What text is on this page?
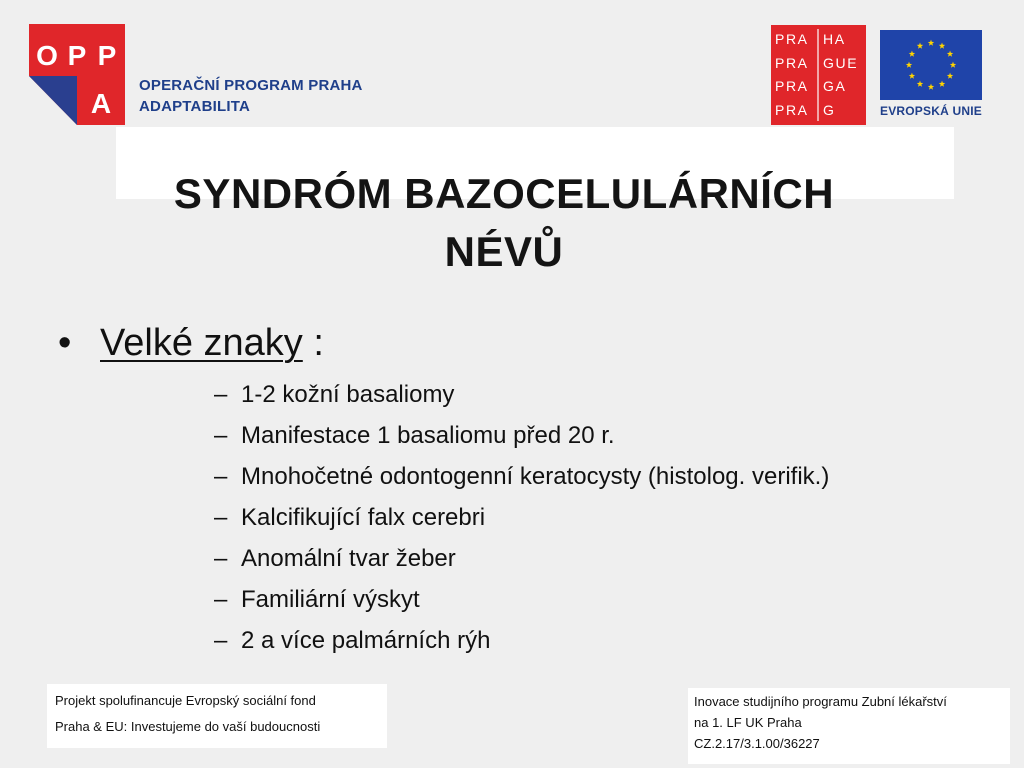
O P P
A
OPERAČNÍ PROGRAM PRAHA
ADAPTABILITA
PRA
PRA
PRA
PRA
HA
GUE
GA
G	EVROPSKÁ UNIE
SYNDRÓM BAZOCELULÁRNÍCH
NÉVŮ
• Velké znaky :
– 1-2 kožní basaliomy
– Manifestace 1 basaliomu před 20 r.
– Mnohočetné odontogenní keratocysty (histolog. verifik.)
– Kalcifikující falx cerebri
– Anomální tvar žeber
– Familiární výskyt
– 2 a více palmárních rýh
Projekt spolufinancuje Evropský sociální fond
Praha & EU: Investujeme do vaší budoucnosti
Inovace studijního programu Zubní lékařství
na 1. LF UK Praha
CZ.2.17/3.1.00/36227
